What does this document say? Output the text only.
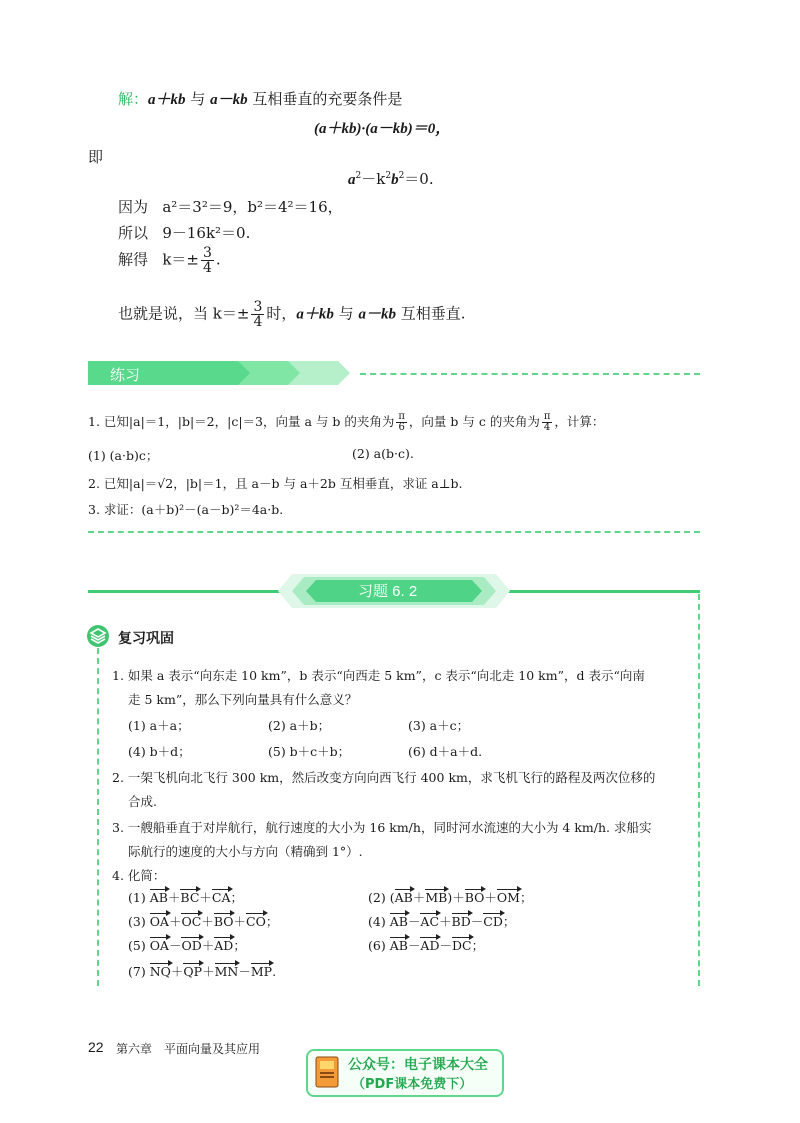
解：a＋kb 与 a－kb 互相垂直的充要条件是
(a＋kb)·(a－kb)＝0，
即
$a^2-k^2b^2=0$.
因为 a²＝3²＝9，b²＝4²＝16，
所以 9－16k²＝0.
解得 $k=\pm \frac{3}{4}$ .
也就是说，当 $k=\pm \frac{3}{4}$ 时，a＋kb 与 a－kb 互相垂直.
练习
1. 已知|a|＝1，|b|＝2，|c|＝3，向量 a 与 b 的夹角为 $\frac{\pi}{6}$ ，向量 b 与 c 的夹角为 $\frac{\pi}{4}$ ，计算：
(1) (a·b)c；	(2) a(b·c).
2. 已知|a|＝√2，|b|＝1，且 a－b 与 a＋2b 互相垂直，求证 a⊥b.
3. 求证：(a＋b)²－(a－b)²＝4a·b.
习题 6. 2
复习巩固
1. 如果 a 表示“向东走 10 km”，b 表示“向西走 5 km”，c 表示“向北走 10 km”，d 表示“向南
走 5 km”，那么下列向量具有什么意义？
(1) a＋a；	(2) a＋b；	(3) a＋c；
(4) b＋d；	(5) b＋c＋b；	(6) d＋a＋d.
2. 一架飞机向北飞行 300 km，然后改变方向向西飞行 400 km，求飞机飞行的路程及两次位移的
合成.
3. 一艘船垂直于对岸航行，航行速度的大小为 16 km/h，同时河水流速的大小为 4 km/h. 求船实
际航行的速度的大小与方向（精确到 1°）.
4. 化简：
(1) AB＋BC＋CA；	(2) (AB＋MB)＋BO＋OM；
(3) OA＋OC＋BO＋CO；	(4) AB－AC＋BD－CD；
(5) OA－OD＋AD；	(6) AB－AD－DC；
(7) NQ＋QP＋MN－MP.
22 第六章　平面向量及其应用
公众号：电子课本大全
（PDF课本免费下）
